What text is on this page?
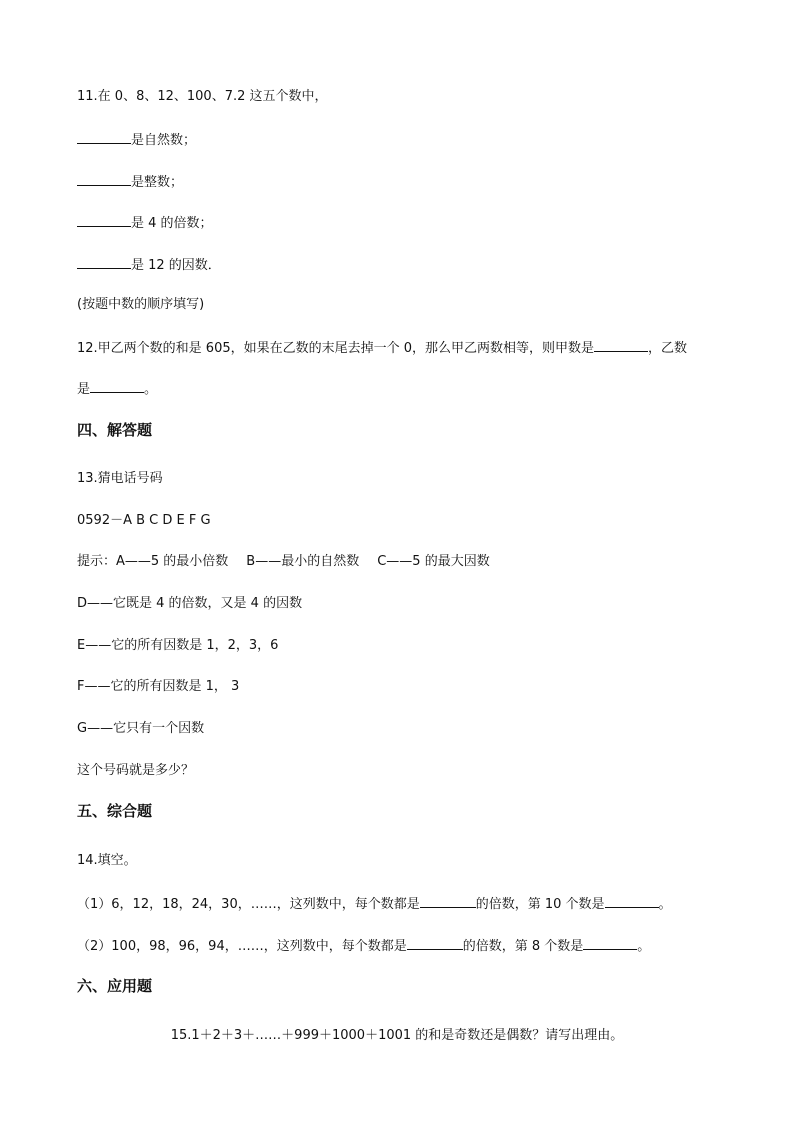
11.在 0、8、12、100、7.2 这五个数中，
是自然数；
是整数；
是 4 的倍数；
是 12 的因数．
(按题中数的顺序填写)
12.甲乙两个数的和是 605，如果在乙数的末尾去掉一个 0，那么甲乙两数相等，则甲数是	，乙数
是	。
四、解答题
13.猜电话号码
0592－A B C D E F G
提示：A——5 的最小倍数 B——最小的自然数 C——5 的最大因数
D——它既是 4 的倍数，又是 4 的因数
E——它的所有因数是 1，2，3，6
F——它的所有因数是 1， 3
G——它只有一个因数
这个号码就是多少？
五、综合题
14.填空。
（1）6，12，18，24，30，……，这列数中，每个数都是	的倍数，第 10 个数是	。
（2）100，98，96，94，……，这列数中，每个数都是	的倍数，第 8 个数是	。
六、应用题
15.1＋2＋3＋……＋999＋1000＋1001 的和是奇数还是偶数？请写出理由。
